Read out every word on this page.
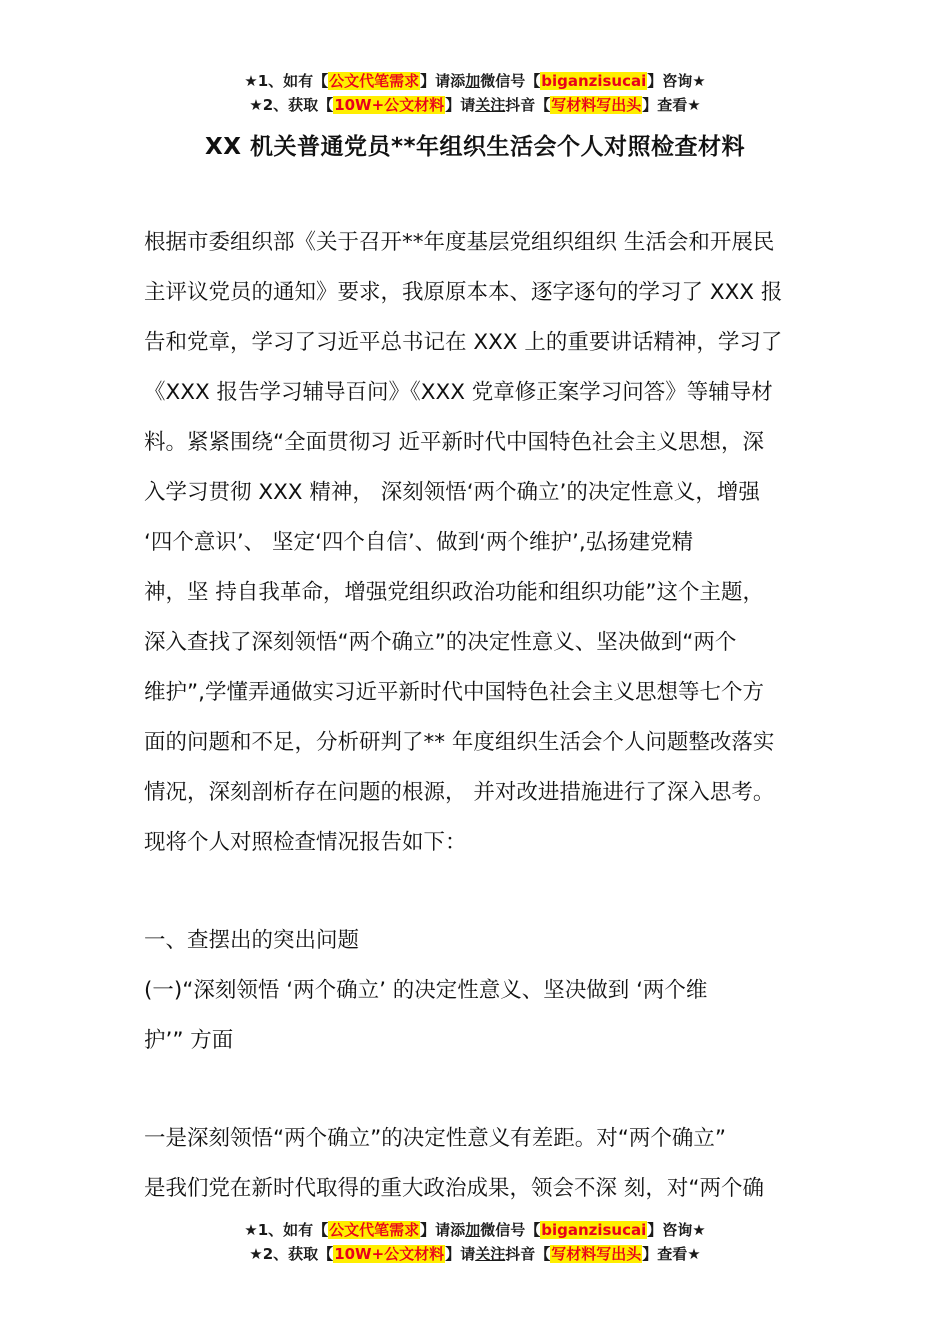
★1、如有【公文代笔需求】请添加微信号【biganzisucai】咨询★
★2、获取【10W+公文材料】请关注抖音【写材料写出头】查看★
XX 机关普通党员**年组织生活会个人对照检查材料
根据市委组织部《关于召开**年度基层党组织组织 生活会和开展民
主评议党员的通知》要求，我原原本本、逐字逐句的学习了 XXX 报
告和党章，学习了习近平总书记在 XXX 上的重要讲话精神，学习了
《XXX 报告学习辅导百问》《XXX 党章修正案学习问答》等辅导材
料。紧紧围绕“全面贯彻习 近平新时代中国特色社会主义思想，深
入学习贯彻 XXX 精神， 深刻领悟‘两个确立’的决定性意义，增强
‘四个意识’、 坚定‘四个自信’、做到‘两个维护’,弘扬建党精
神，坚 持自我革命，增强党组织政治功能和组织功能”这个主题，
深入查找了深刻领悟“两个确立”的决定性意义、坚决做到“两个
维护”,学懂弄通做实习近平新时代中国特色社会主义思想等七个方
面的问题和不足，分析研判了** 年度组织生活会个人问题整改落实
情况，深刻剖析存在问题的根源， 并对改进措施进行了深入思考。
现将个人对照检查情况报告如下：
一、查摆出的突出问题
(一)“深刻领悟 ‘两个确立’ 的决定性意义、坚决做到 ‘两个维
护’” 方面
一是深刻领悟“两个确立”的决定性意义有差距。对“两个确立”
是我们党在新时代取得的重大政治成果，领会不深 刻，对“两个确
★1、如有【公文代笔需求】请添加微信号【biganzisucai】咨询★
★2、获取【10W+公文材料】请关注抖音【写材料写出头】查看★
